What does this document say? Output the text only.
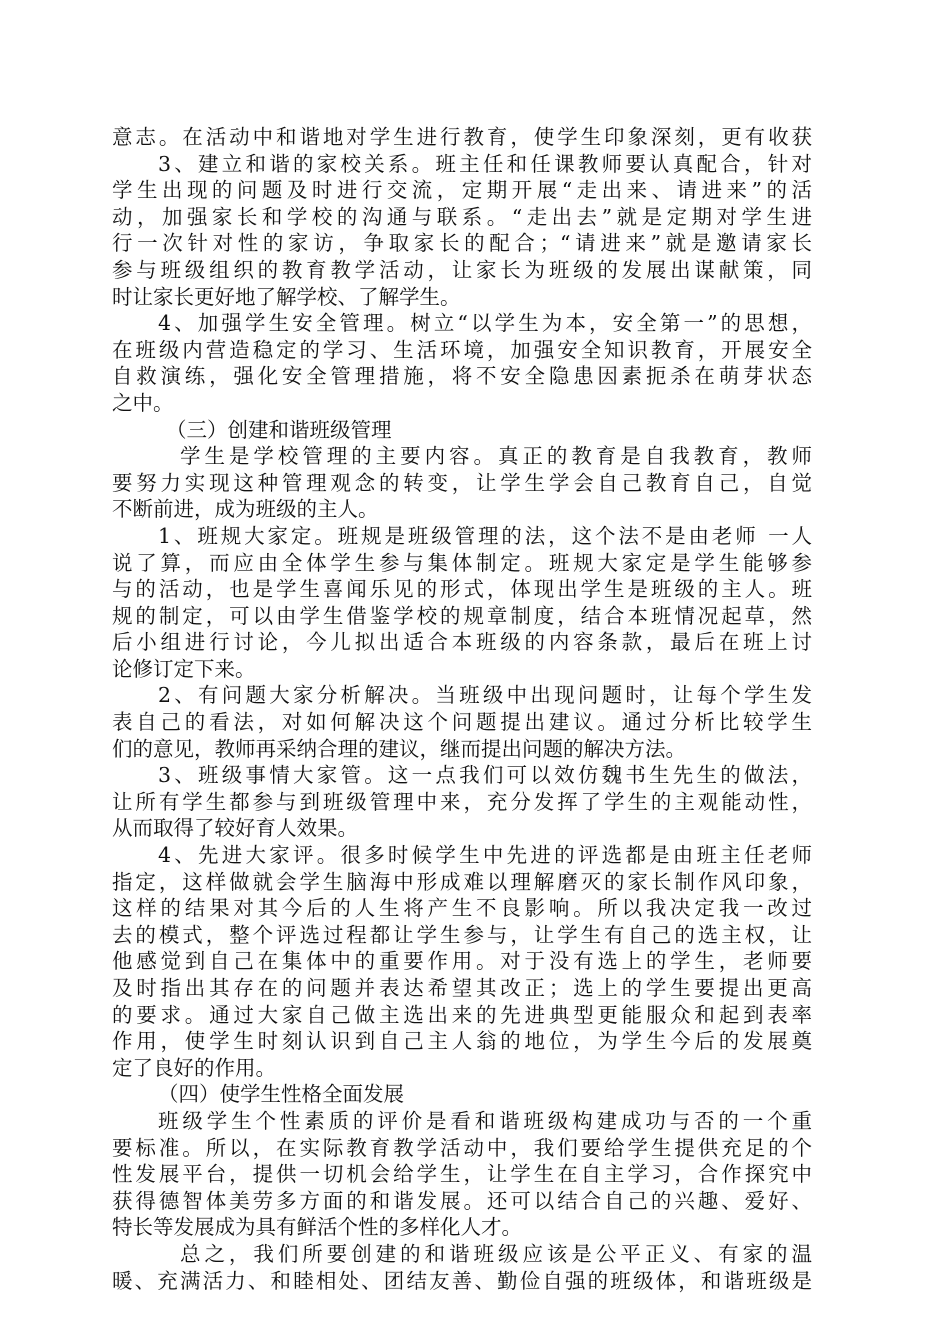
意志。在活动中和谐地对学生进行教育，使学生印象深刻，更有收获
3、建立和谐的家校关系。班主任和任课教师要认真配合，针对
学生出现的问题及时进行交流，定期开展“走出来、请进来”的活
动，加强家长和学校的沟通与联系。“走出去”就是定期对学生进
行一次针对性的家访，争取家长的配合；“请进来”就是邀请家长
参与班级组织的教育教学活动，让家长为班级的发展出谋献策，同
时让家长更好地了解学校、了解学生。
4、加强学生安全管理。树立“以学生为本，安全第一”的思想，
在班级内营造稳定的学习、生活环境，加强安全知识教育，开展安全
自救演练，强化安全管理措施，将不安全隐患因素扼杀在萌芽状态
之中。
（三）创建和谐班级管理
学生是学校管理的主要内容。真正的教育是自我教育，教师
要努力实现这种管理观念的转变，让学生学会自己教育自己，自觉
不断前进，成为班级的主人。
1、班规大家定。班规是班级管理的法，这个法不是由老师 一人
说了算，而应由全体学生参与集体制定。班规大家定是学生能够参
与的活动，也是学生喜闻乐见的形式，体现出学生是班级的主人。班
规的制定，可以由学生借鉴学校的规章制度，结合本班情况起草，然
后小组进行讨论，今儿拟出适合本班级的内容条款，最后在班上讨
论修订定下来。
2、有问题大家分析解决。当班级中出现问题时，让每个学生发
表自己的看法，对如何解决这个问题提出建议。通过分析比较学生
们的意见，教师再采纳合理的建议，继而提出问题的解决方法。
3、班级事情大家管。这一点我们可以效仿魏书生先生的做法，
让所有学生都参与到班级管理中来，充分发挥了学生的主观能动性，
从而取得了较好育人效果。
4、先进大家评。很多时候学生中先进的评选都是由班主任老师
指定，这样做就会学生脑海中形成难以理解磨灭的家长制作风印象，
这样的结果对其今后的人生将产生不良影响。所以我决定我一改过
去的模式，整个评选过程都让学生参与，让学生有自己的选主权，让
他感觉到自己在集体中的重要作用。对于没有选上的学生，老师要
及时指出其存在的问题并表达希望其改正；选上的学生要提出更高
的要求。通过大家自己做主选出来的先进典型更能服众和起到表率
作用，使学生时刻认识到自己主人翁的地位，为学生今后的发展奠
定了良好的作用。
（四）使学生性格全面发展
班级学生个性素质的评价是看和谐班级构建成功与否的一个重
要标准。所以，在实际教育教学活动中，我们要给学生提供充足的个
性发展平台，提供一切机会给学生，让学生在自主学习，合作探究中
获得德智体美劳多方面的和谐发展。还可以结合自己的兴趣、爱好、
特长等发展成为具有鲜活个性的多样化人才。
总之，我们所要创建的和谐班级应该是公平正义、有家的温
暖、充满活力、和睦相处、团结友善、勤俭自强的班级体，和谐班级是
